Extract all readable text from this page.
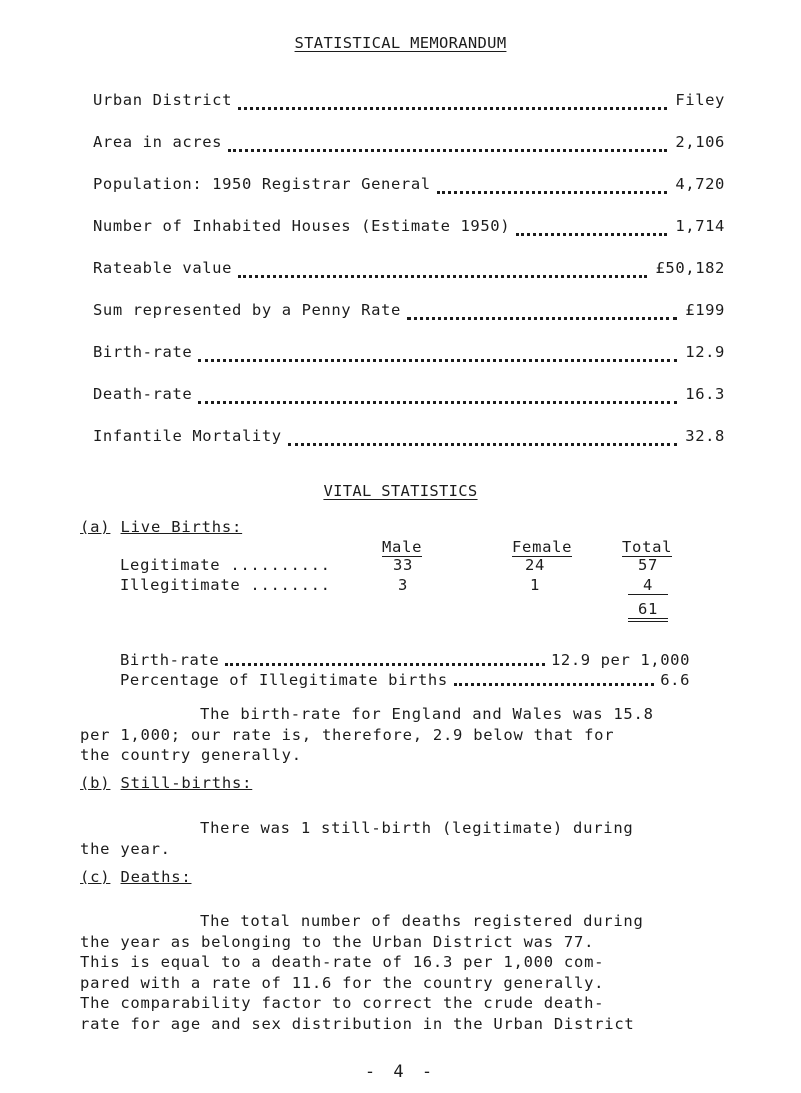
STATISTICAL MEMORANDUM
Urban District	Filey
Area in acres	2,106
Population: 1950 Registrar General	4,720
Number of Inhabited Houses (Estimate 1950)	1,714
Rateable value	£50,182
Sum represented by a Penny Rate	£199
Birth-rate	12.9
Death-rate	16.3
Infantile Mortality	32.8
VITAL STATISTICS
(a) Live Births:
Male	Female	Total
Legitimate ..........	33	24	57
Illegitimate ........	3	1	4
61
Birth-rate	12.9 per 1,000
Percentage of Illegitimate births	6.6
The birth-rate for England and Wales was 15.8
per 1,000; our rate is, therefore, 2.9 below that for
the country generally.
(b) Still-births:
There was 1 still-birth (legitimate) during
the year.
(c) Deaths:
The total number of deaths registered during
the year as belonging to the Urban District was 77.
This is equal to a death-rate of 16.3 per 1,000 com-
pared with a rate of 11.6 for the country generally.
The comparability factor to correct the crude death-
rate for age and sex distribution in the Urban District
- 4 -
